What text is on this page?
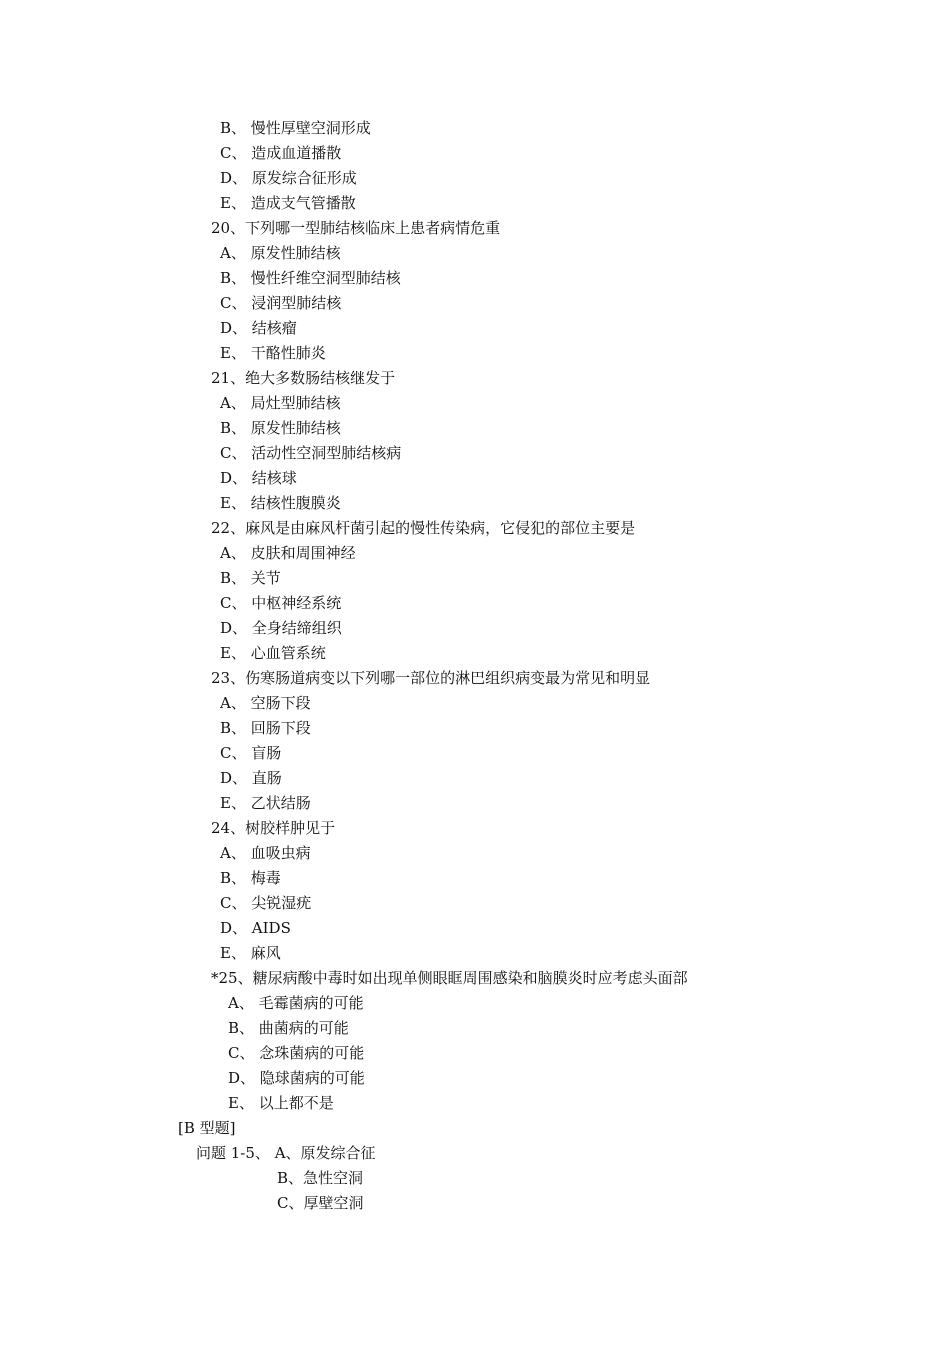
B、 慢性厚壁空洞形成
C、 造成血道播散
D、 原发综合征形成
E、 造成支气管播散
20、下列哪一型肺结核临床上患者病情危重
A、 原发性肺结核
B、 慢性纤维空洞型肺结核
C、 浸润型肺结核
D、 结核瘤
E、 干酪性肺炎
21、绝大多数肠结核继发于
A、 局灶型肺结核
B、 原发性肺结核
C、 活动性空洞型肺结核病
D、 结核球
E、 结核性腹膜炎
22、麻风是由麻风杆菌引起的慢性传染病，它侵犯的部位主要是
A、 皮肤和周围神经
B、 关节
C、 中枢神经系统
D、 全身结缔组织
E、 心血管系统
23、伤寒肠道病变以下列哪一部位的淋巴组织病变最为常见和明显
A、 空肠下段
B、 回肠下段
C、 盲肠
D、 直肠
E、 乙状结肠
24、树胶样肿见于
A、 血吸虫病
B、 梅毒
C、 尖锐湿疣
D、 AIDS
E、 麻风
*25、糖尿病酸中毒时如出现单侧眼眶周围感染和脑膜炎时应考虑头面部
A、 毛霉菌病的可能
B、 曲菌病的可能
C、 念珠菌病的可能
D、 隐球菌病的可能
E、 以上都不是
[B 型题]
问题 1-5、 A、原发综合征
B、急性空洞
C、厚壁空洞
